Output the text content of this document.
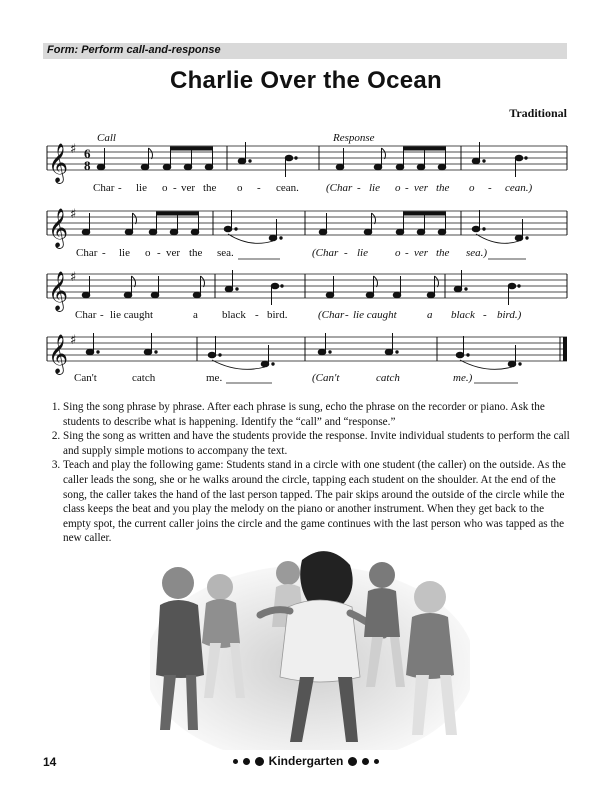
Form: Perform call-and-response
Charlie Over the Ocean
Traditional
Call	Response
𝄞
𝄞
𝄞
𝄞
♯
♯
♯
♯
6
8
Char - lie o - ver the o - cean. (Char - lie o - ver the o - cean.)
Char - lie o - ver the sea.	(Char - lie o - ver the sea.)
Char - lie caught	a black - bird.	(Char - lie caught	a black - bird.)
Can't	catch	me.	(Can't	catch	me.)
1. Sing the song phrase by phrase. After each phrase is sung, echo the phrase on the recorder or piano. Ask the students to describe what is happening. Identify the “call” and “response.”
2. Sing the song as written and have the students provide the response. Invite individual students to perform the call and supply simple motions to accompany the text.
3. Teach and play the following game: Students stand in a circle with one student (the caller) on the outside. As the caller leads the song, she or he walks around the circle, tapping each student on the shoulder. At the end of the song, the caller takes the hand of the last person tapped. The pair skips around the outside of the circle while the class keeps the beat and you play the melody on the piano or another instrument. When they get back to the empty spot, the current caller joins the circle and the game continues with the last person who was tapped as the new caller.
14	Kindergarten
